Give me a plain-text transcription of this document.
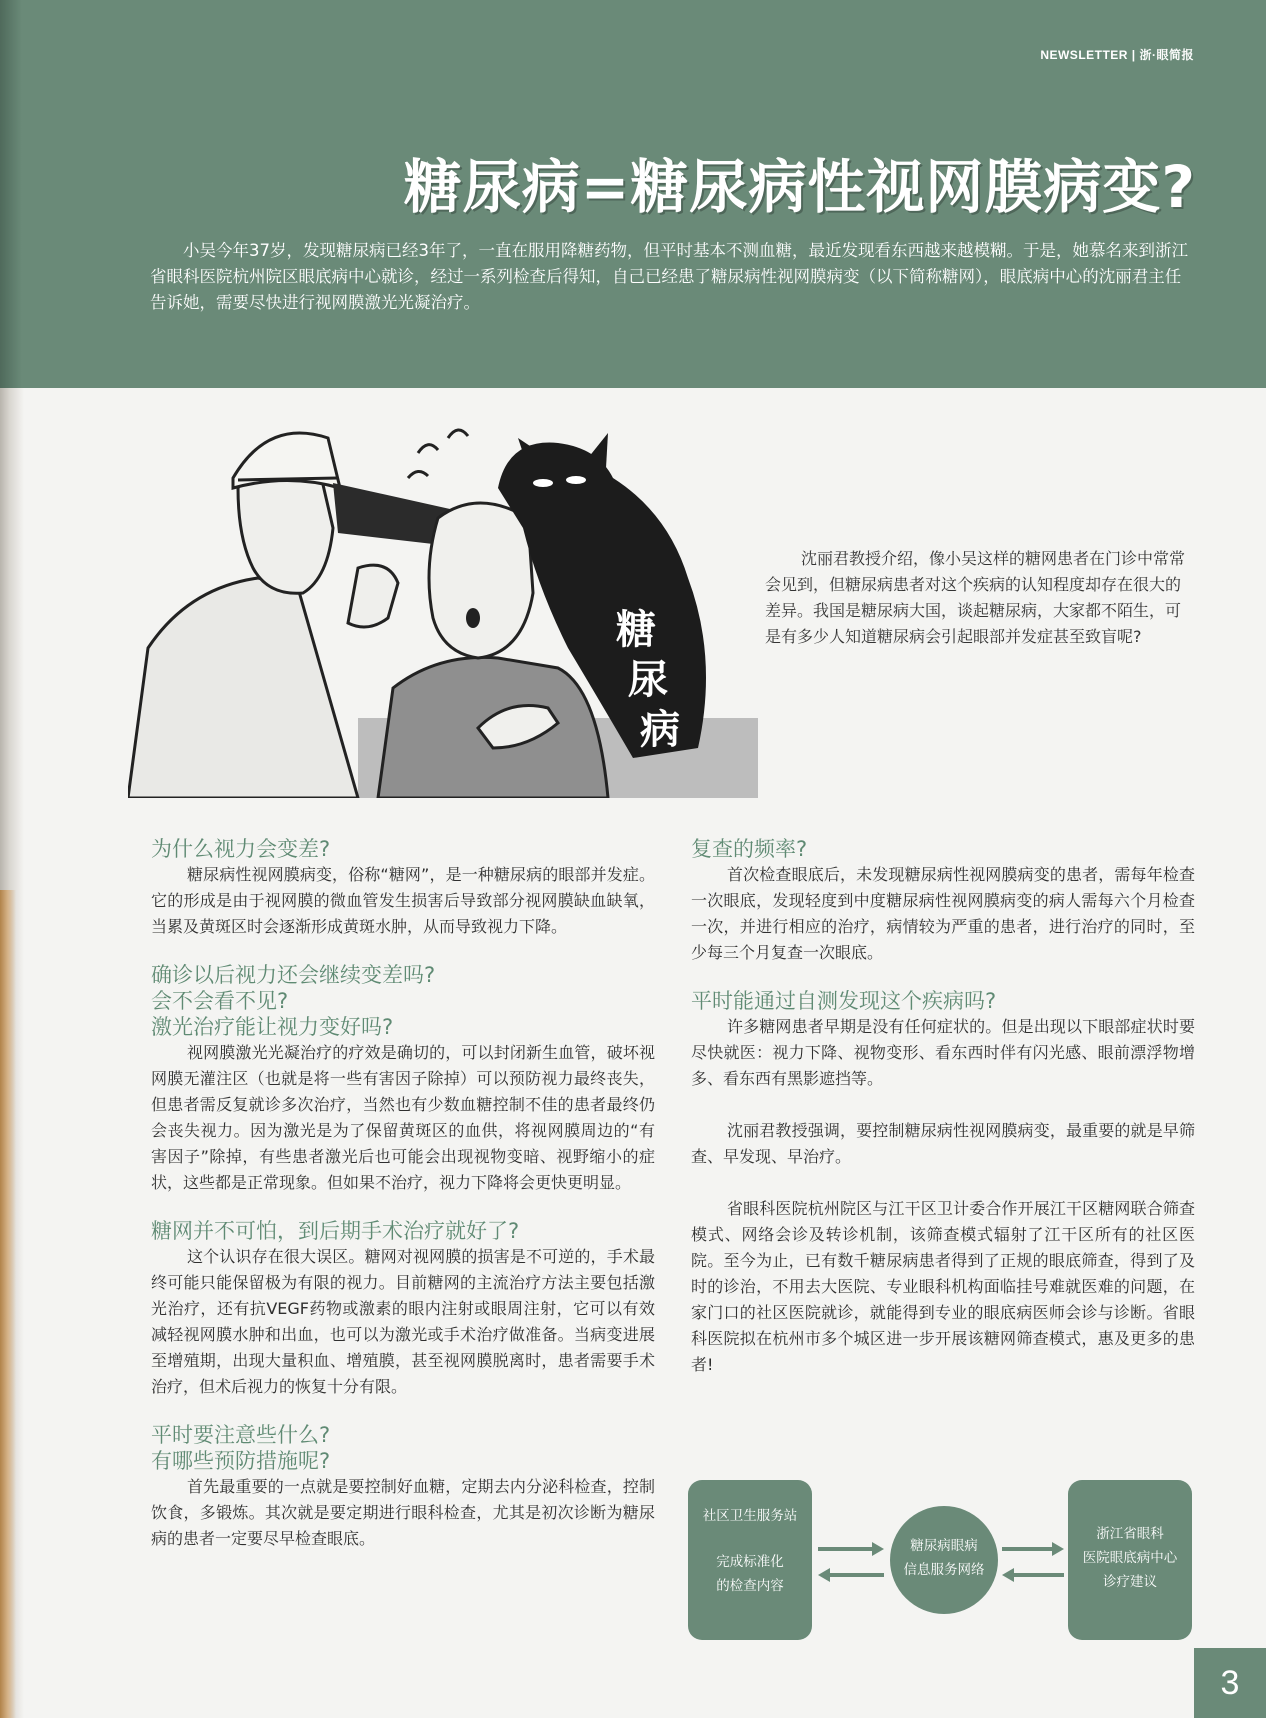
NEWSLETTER | 浙·眼简报
糖尿病=糖尿病性视网膜病变?

小吴今年37岁，发现糖尿病已经3年了，一直在服用降糖药物，但平时基本不测血糖，最近发现看东西越来越模糊。于是，她慕名来到浙江省眼科医院杭州院区眼底病中心就诊，经过一系列检查后得知，自己已经患了糖尿病性视网膜病变（以下简称糖网），眼底病中心的沈丽君主任告诉她，需要尽快进行视网膜激光光凝治疗。

糖
尿
病

沈丽君教授介绍，像小吴这样的糖网患者在门诊中常常会见到，但糖尿病患者对这个疾病的认知程度却存在很大的差异。我国是糖尿病大国，谈起糖尿病，大家都不陌生，可是有多少人知道糖尿病会引起眼部并发症甚至致盲呢?

为什么视力会变差?

糖尿病性视网膜病变，俗称“糖网”，是一种糖尿病的眼部并发症。它的形成是由于视网膜的微血管发生损害后导致部分视网膜缺血缺氧，当累及黄斑区时会逐渐形成黄斑水肿，从而导致视力下降。

确诊以后视力还会继续变差吗?
会不会看不见?
激光治疗能让视力变好吗?

视网膜激光光凝治疗的疗效是确切的，可以封闭新生血管，破坏视网膜无灌注区（也就是将一些有害因子除掉）可以预防视力最终丧失，但患者需反复就诊多次治疗，当然也有少数血糖控制不佳的患者最终仍会丧失视力。因为激光是为了保留黄斑区的血供，将视网膜周边的“有害因子”除掉，有些患者激光后也可能会出现视物变暗、视野缩小的症状，这些都是正常现象。但如果不治疗，视力下降将会更快更明显。

糖网并不可怕，到后期手术治疗就好了?

这个认识存在很大误区。糖网对视网膜的损害是不可逆的，手术最终可能只能保留极为有限的视力。目前糖网的主流治疗方法主要包括激光治疗，还有抗VEGF药物或激素的眼内注射或眼周注射，它可以有效减轻视网膜水肿和出血，也可以为激光或手术治疗做准备。当病变进展至增殖期，出现大量积血、增殖膜，甚至视网膜脱离时，患者需要手术治疗，但术后视力的恢复十分有限。

平时要注意些什么?
有哪些预防措施呢?

首先最重要的一点就是要控制好血糖，定期去内分泌科检查，控制饮食，多锻炼。其次就是要定期进行眼科检查，尤其是初次诊断为糖尿病的患者一定要尽早检查眼底。

复查的频率?

首次检查眼底后，未发现糖尿病性视网膜病变的患者，需每年检查一次眼底，发现轻度到中度糖尿病性视网膜病变的病人需每六个月检查一次，并进行相应的治疗，病情较为严重的患者，进行治疗的同时，至少每三个月复查一次眼底。

平时能通过自测发现这个疾病吗?

许多糖网患者早期是没有任何症状的。但是出现以下眼部症状时要尽快就医：视力下降、视物变形、看东西时伴有闪光感、眼前漂浮物增多、看东西有黑影遮挡等。

沈丽君教授强调，要控制糖尿病性视网膜病变，最重要的就是早筛查、早发现、早治疗。

省眼科医院杭州院区与江干区卫计委合作开展江干区糖网联合筛查模式、网络会诊及转诊机制，该筛查模式辐射了江干区所有的社区医院。至今为止，已有数千糖尿病患者得到了正规的眼底筛查，得到了及时的诊治，不用去大医院、专业眼科机构面临挂号难就医难的问题，在家门口的社区医院就诊，就能得到专业的眼底病医师会诊与诊断。省眼科医院拟在杭州市多个城区进一步开展该糖网筛查模式，惠及更多的患者!

社区卫生服务站
完成标准化
的检查内容
糖尿病眼病
信息服务网络
浙江省眼科
医院眼底病中心
诊疗建议
3
